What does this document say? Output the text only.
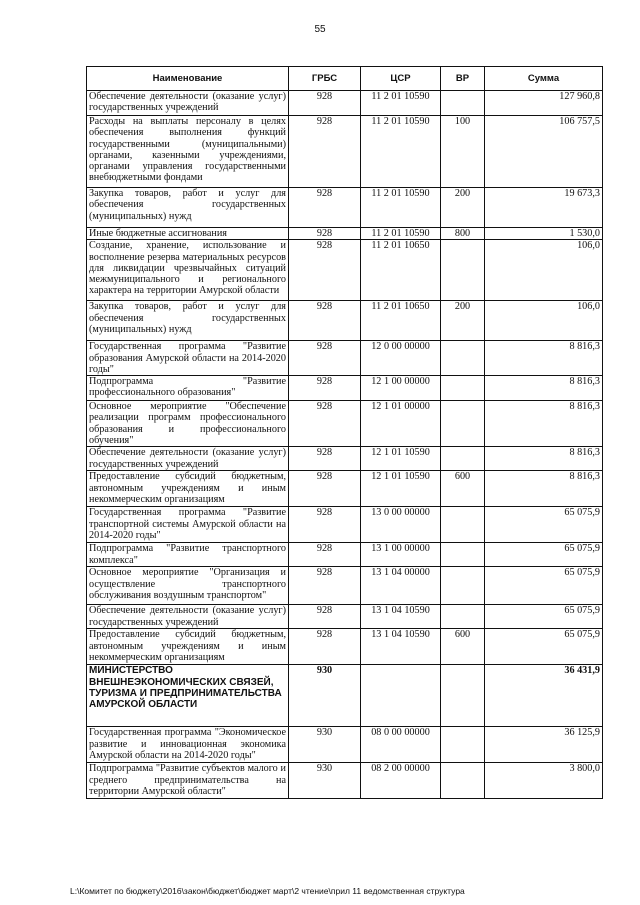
55
Наименование	ГРБС	ЦСР	ВР	Сумма
Обеспечение деятельности (оказание услуг) государственных учреждений	928	11 2 01 10590		127 960,8
Расходы на выплаты персоналу в целях обеспечения выполнения функций государственными (муниципальными) органами, казенными учреждениями, органами управления государственными внебюджетными фондами	928	11 2 01 10590	100	106 757,5
Закупка товаров, работ и услуг для обеспечения государственных (муниципальных) нужд	928	11 2 01 10590	200	19 673,3
Иные бюджетные ассигнования	928	11 2 01 10590	800	1 530,0
Создание, хранение, использование и восполнение резерва материальных ресурсов для ликвидации чрезвычайных ситуаций межмуниципального и регионального характера на территории Амурской области	928	11 2 01 10650		106,0
Закупка товаров, работ и услуг для обеспечения государственных (муниципальных) нужд	928	11 2 01 10650	200	106,0
Государственная программа "Развитие образования Амурской области на 2014-2020 годы"	928	12 0 00 00000		8 816,3
Подпрограмма "Развитие профессионального образования"	928	12 1 00 00000		8 816,3
Основное мероприятие "Обеспечение реализации программ профессионального образования и профессионального обучения"	928	12 1 01 00000		8 816,3
Обеспечение деятельности (оказание услуг) государственных учреждений	928	12 1 01 10590		8 816,3
Предоставление субсидий бюджетным, автономным учреждениям и иным некоммерческим организациям	928	12 1 01 10590	600	8 816,3
Государственная программа "Развитие транспортной системы Амурской области на 2014-2020 годы"	928	13 0 00 00000		65 075,9
Подпрограмма "Развитие транспортного комплекса"	928	13 1 00 00000		65 075,9
Основное мероприятие "Организация и осуществление транспортного обслуживания воздушным транспортом"	928	13 1 04 00000		65 075,9
Обеспечение деятельности (оказание услуг) государственных учреждений	928	13 1 04 10590		65 075,9
Предоставление субсидий бюджетным, автономным учреждениям и иным некоммерческим организациям	928	13 1 04 10590	600	65 075,9
МИНИСТЕРСТВО ВНЕШНЕЭКОНОМИЧЕСКИХ СВЯЗЕЙ, ТУРИЗМА И ПРЕДПРИНИМАТЕЛЬСТВА АМУРСКОЙ ОБЛАСТИ	930			36 431,9
Государственная программа "Экономическое развитие и инновационная экономика Амурской области на 2014-2020 годы"	930	08 0 00 00000		36 125,9
Подпрограмма "Развитие субъектов малого и среднего предпринимательства на территории Амурской области"	930	08 2 00 00000		3 800,0
L:\Комитет по бюджету\2016\закон\бюджет\бюджет март\2 чтение\прил 11 ведомственная структура
